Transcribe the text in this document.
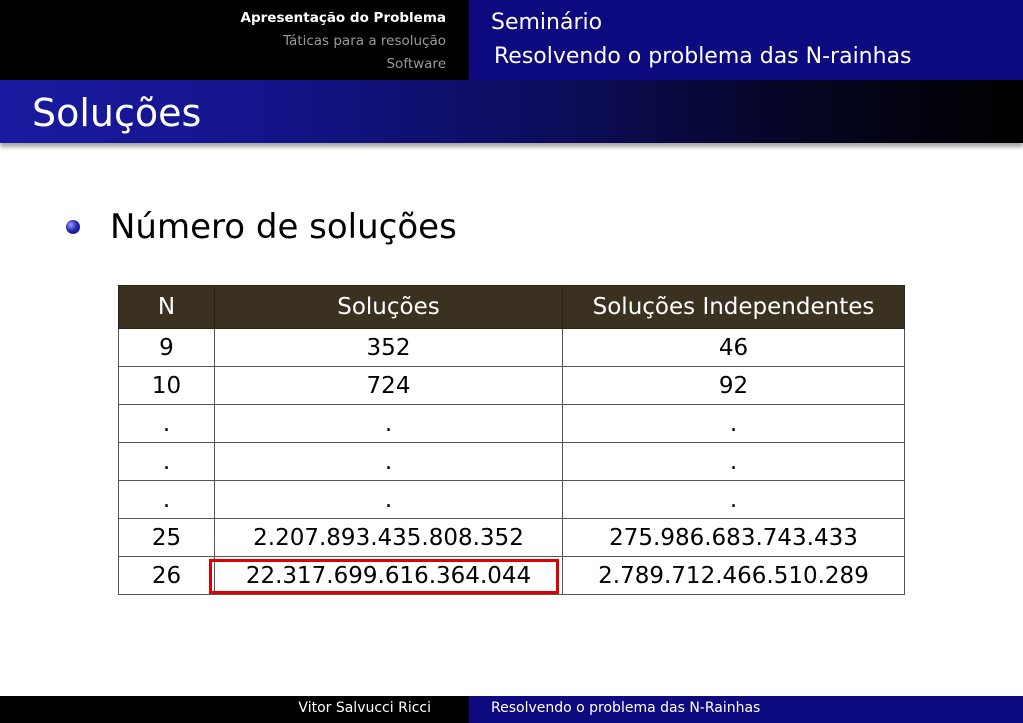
Apresentação do Problema
Táticas para a resolução
Software
Seminário
Resolvendo o problema das N-rainhas
Soluções
Número de soluções
N	Soluções	Soluções Independentes
9	352	46
10	724	92
.	.	.
.	.	.
.	.	.
25	2.207.893.435.808.352	275.986.683.743.433
26	22.317.699.616.364.044	2.789.712.466.510.289
Vitor Salvucci Ricci	Resolvendo o problema das N-Rainhas
